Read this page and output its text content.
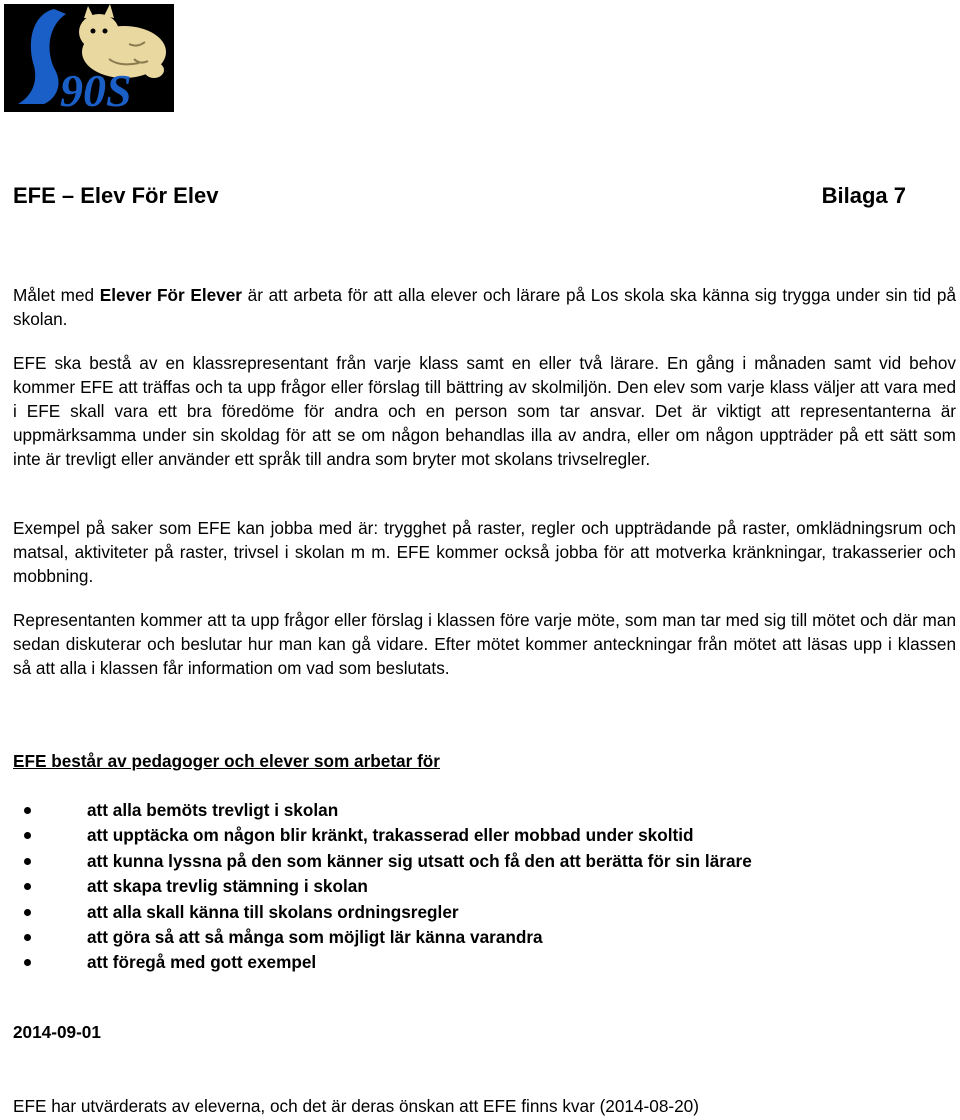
90S
EFE – Elev För Elev	Bilaga 7
Målet med Elever För Elever är att arbeta för att alla elever och lärare på Los skola ska känna sig trygga under sin tid på skolan.
EFE ska bestå av en klassrepresentant från varje klass samt en eller två lärare. En gång i månaden samt vid behov kommer EFE att träffas och ta upp frågor eller förslag till bättring av skolmiljön. Den elev som varje klass väljer att vara med i EFE skall vara ett bra föredöme för andra och en person som tar ansvar. Det är viktigt att representanterna är uppmärksamma under sin skoldag för att se om någon behandlas illa av andra, eller om någon uppträder på ett sätt som inte är trevligt eller använder ett språk till andra som bryter mot skolans trivselregler.
Exempel på saker som EFE kan jobba med är: trygghet på raster, regler och uppträdande på raster, omklädningsrum och matsal, aktiviteter på raster, trivsel i skolan m m. EFE kommer också jobba för att motverka kränkningar, trakasserier och mobbning.
Representanten kommer att ta upp frågor eller förslag i klassen före varje möte, som man tar med sig till mötet och där man sedan diskuterar och beslutar hur man kan gå vidare. Efter mötet kommer anteckningar från mötet att läsas upp i klassen så att alla i klassen får information om vad som beslutats.
EFE består av pedagoger och elever som arbetar för
att alla bemöts trevligt i skolan
att upptäcka om någon blir kränkt, trakasserad eller mobbad under skoltid
att kunna lyssna på den som känner sig utsatt och få den att berätta för sin lärare
att skapa trevlig stämning i skolan
att alla skall känna till skolans ordningsregler
att göra så att så många som möjligt lär känna varandra
att föregå med gott exempel
2014-09-01
EFE har utvärderats av eleverna, och det är deras önskan att EFE finns kvar (2014-08-20)
